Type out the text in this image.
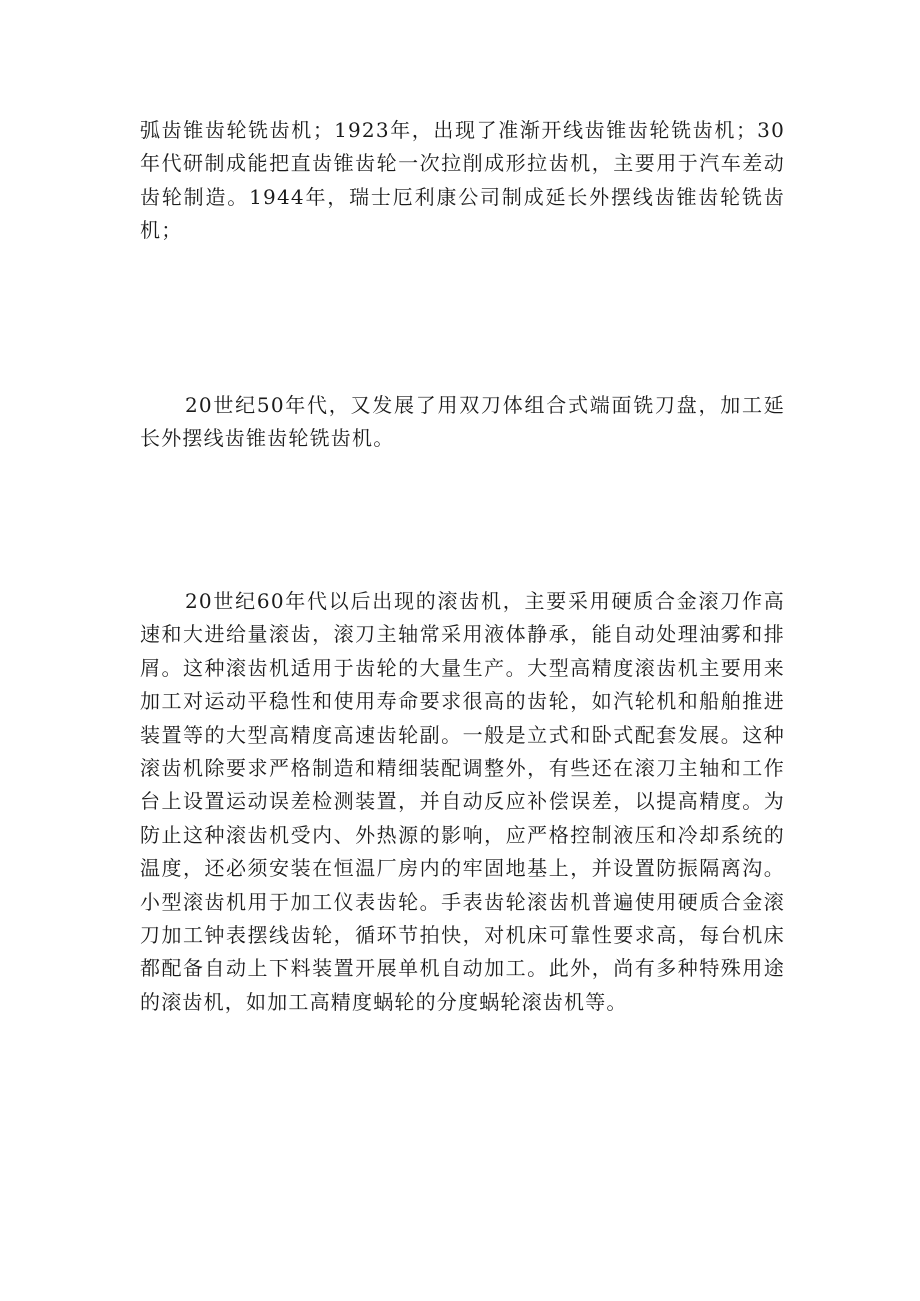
弧齿锥齿轮铣齿机；1923年，出现了准渐开线齿锥齿轮铣齿机；30年代研制成能把直齿锥齿轮一次拉削成形拉齿机，主要用于汽车差动齿轮制造。1944年，瑞士厄利康公司制成延长外摆线齿锥齿轮铣齿机；

20世纪50年代，又发展了用双刀体组合式端面铣刀盘，加工延长外摆线齿锥齿轮铣齿机。

20世纪60年代以后出现的滚齿机，主要采用硬质合金滚刀作高速和大进给量滚齿，滚刀主轴常采用液体静承，能自动处理油雾和排屑。这种滚齿机适用于齿轮的大量生产。大型高精度滚齿机主要用来加工对运动平稳性和使用寿命要求很高的齿轮，如汽轮机和船舶推进装置等的大型高精度高速齿轮副。一般是立式和卧式配套发展。这种滚齿机除要求严格制造和精细装配调整外，有些还在滚刀主轴和工作台上设置运动误差检测装置，并自动反应补偿误差，以提高精度。为防止这种滚齿机受内、外热源的影响，应严格控制液压和冷却系统的温度，还必须安装在恒温厂房内的牢固地基上，并设置防振隔离沟。小型滚齿机用于加工仪表齿轮。手表齿轮滚齿机普遍使用硬质合金滚刀加工钟表摆线齿轮，循环节拍快，对机床可靠性要求高，每台机床都配备自动上下料装置开展单机自动加工。此外，尚有多种特殊用途的滚齿机，如加工高精度蜗轮的分度蜗轮滚齿机等。
